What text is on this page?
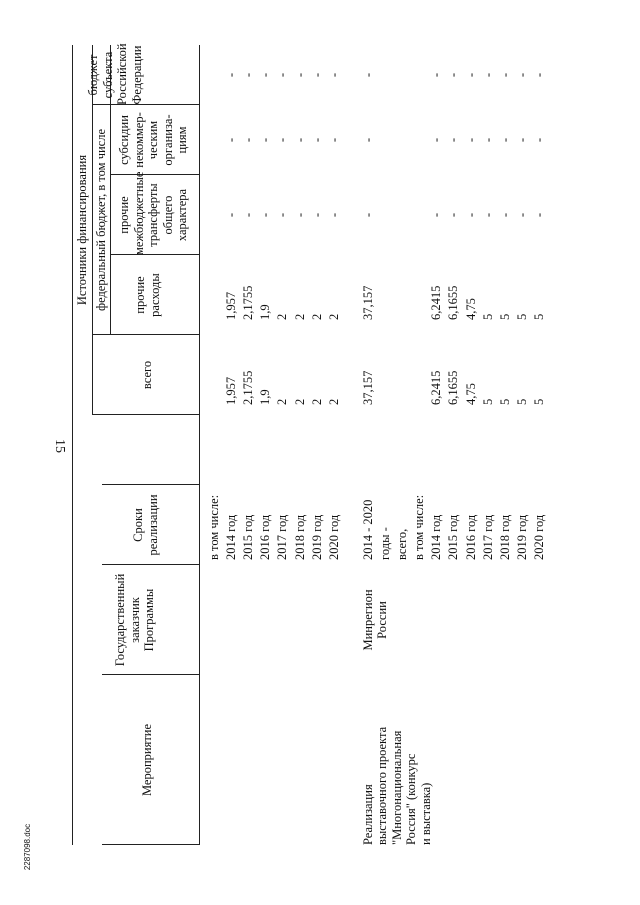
15
2287098.doc
Мероприятие
Государственный заказчик Программы
Сроки реализации
Источники финансирования федеральный бюджет, в том числе
всего
прочие расходы
прочие межбюджетные трансферты общего характера
субсидии некоммер- ческим организа- циям
бюджет субъекта Российской Федерации
Реализация выставочного проекта "Многонациональная Россия" (конкурс и выставка)
Минрегион России
в том числе: 2014 год
1,957
1,957
-
-
-
2015 год
2,1755
2,1755
-
-
-
2016 год
1,9
1,9
-
-
-
2017 год
2
2
-
-
-
2018 год
2
2
-
-
-
2019 год
2
2
-
-
-
2020 год
2
2
-
-
-
2014 - 2020
37,157
37,157
-
-
-
годы - всего, в том числе: 2014 год
6,2415
6,2415
-
-
-
2015 год
6,1655
6,1655
-
-
-
2016 год
4,75
4,75
-
-
-
2017 год
5
5
-
-
-
2018 год
5
5
-
-
-
2019 год
5
5
-
-
-
2020 год
5
5
-
-
-
